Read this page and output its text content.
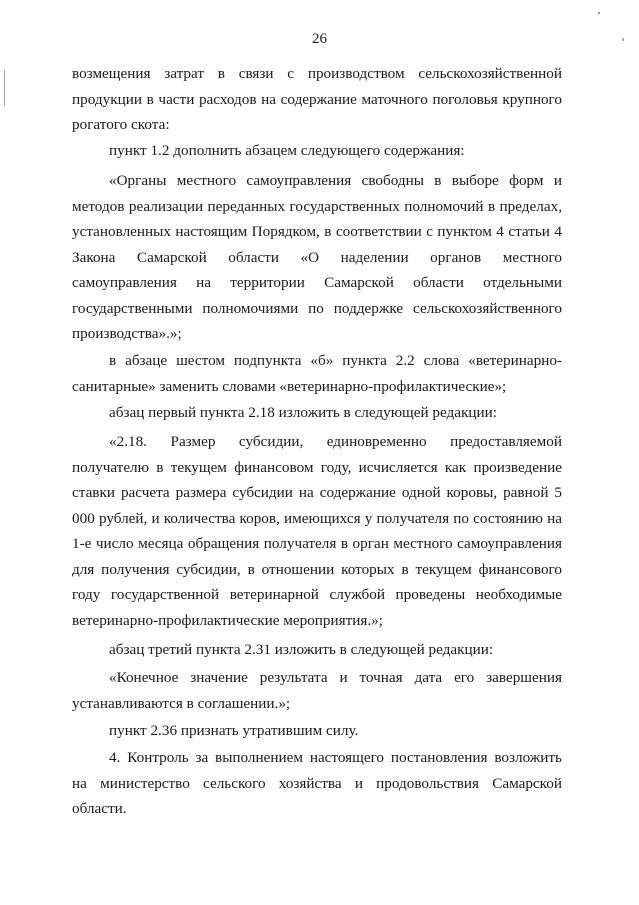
26

возмещения затрат в связи с производством сельскохозяйственной продукции в части расходов на содержание маточного поголовья крупного рогатого скота:

пункт 1.2 дополнить абзацем следующего содержания:

«Органы местного самоуправления свободны в выборе форм и методов реализации переданных государственных полномочий в пределах, установленных настоящим Порядком, в соответствии с пунктом 4 статьи 4 Закона Самарской области «О наделении органов местного самоуправления на территории Самарской области отдельными государственными полномочиями по поддержке сельскохозяйственного производства».»;

в абзаце шестом подпункта «б» пункта 2.2 слова «ветеринарно-санитарные» заменить словами «ветеринарно-профилактические»;

абзац первый пункта 2.18 изложить в следующей редакции:

«2.18. Размер субсидии, единовременно предоставляемой получателю в текущем финансовом году, исчисляется как произведение ставки расчета размера субсидии на содержание одной коровы, равной 5 000 рублей, и количества коров, имеющихся у получателя по состоянию на 1-е число месяца обращения получателя в орган местного самоуправления для получения субсидии, в отношении которых в текущем финансового году государственной ветеринарной службой проведены необходимые ветеринарно-профилактические мероприятия.»;

абзац третий пункта 2.31 изложить в следующей редакции:

«Конечное значение результата и точная дата его завершения устанавливаются в соглашении.»;

пункт 2.36 признать утратившим силу.

4. Контроль за выполнением настоящего постановления возложить на министерство сельского хозяйства и продовольствия Самарской области.
